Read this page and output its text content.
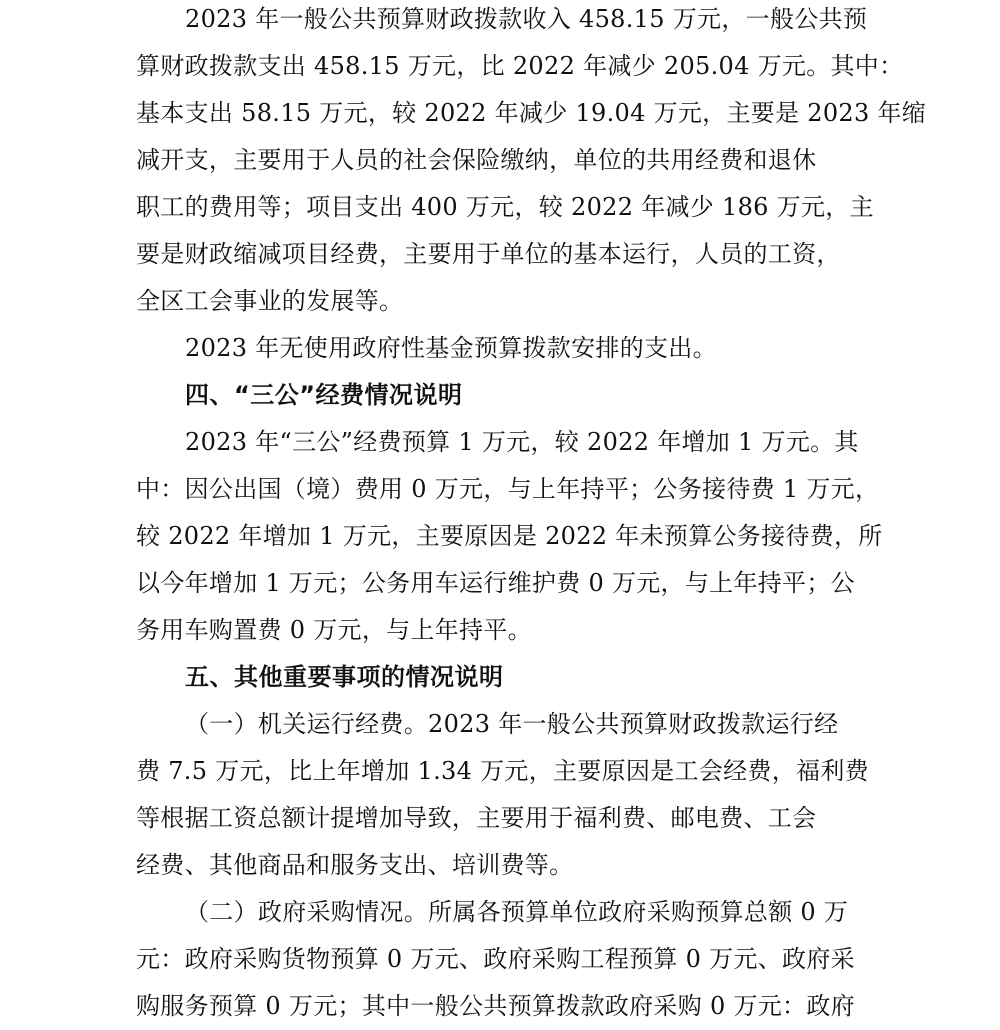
2023 年一般公共预算财政拨款收入 458.15 万元，一般公共预
算财政拨款支出 458.15 万元，比 2022 年减少 205.04 万元。其中：
基本支出 58.15 万元，较 2022 年减少 19.04 万元，主要是 2023 年缩
减开支，主要用于人员的社会保险缴纳，单位的共用经费和退休
职工的费用等；项目支出 400 万元，较 2022 年减少 186 万元，主
要是财政缩减项目经费，主要用于单位的基本运行，人员的工资，
全区工会事业的发展等。
2023 年无使用政府性基金预算拨款安排的支出。
四、“三公”经费情况说明
2023 年“三公”经费预算 1 万元，较 2022 年增加 1 万元。其
中：因公出国（境）费用 0 万元，与上年持平；公务接待费 1 万元，
较 2022 年增加 1 万元，主要原因是 2022 年未预算公务接待费，所
以今年增加 1 万元；公务用车运行维护费 0 万元，与上年持平；公
务用车购置费 0 万元，与上年持平。
五、其他重要事项的情况说明
（一）机关运行经费。2023 年一般公共预算财政拨款运行经
费 7.5 万元，比上年增加 1.34 万元，主要原因是工会经费，福利费
等根据工资总额计提增加导致，主要用于福利费、邮电费、工会
经费、其他商品和服务支出、培训费等。
（二）政府采购情况。所属各预算单位政府采购预算总额 0 万
元：政府采购货物预算 0 万元、政府采购工程预算 0 万元、政府采
购服务预算 0 万元；其中一般公共预算拨款政府采购 0 万元：政府
